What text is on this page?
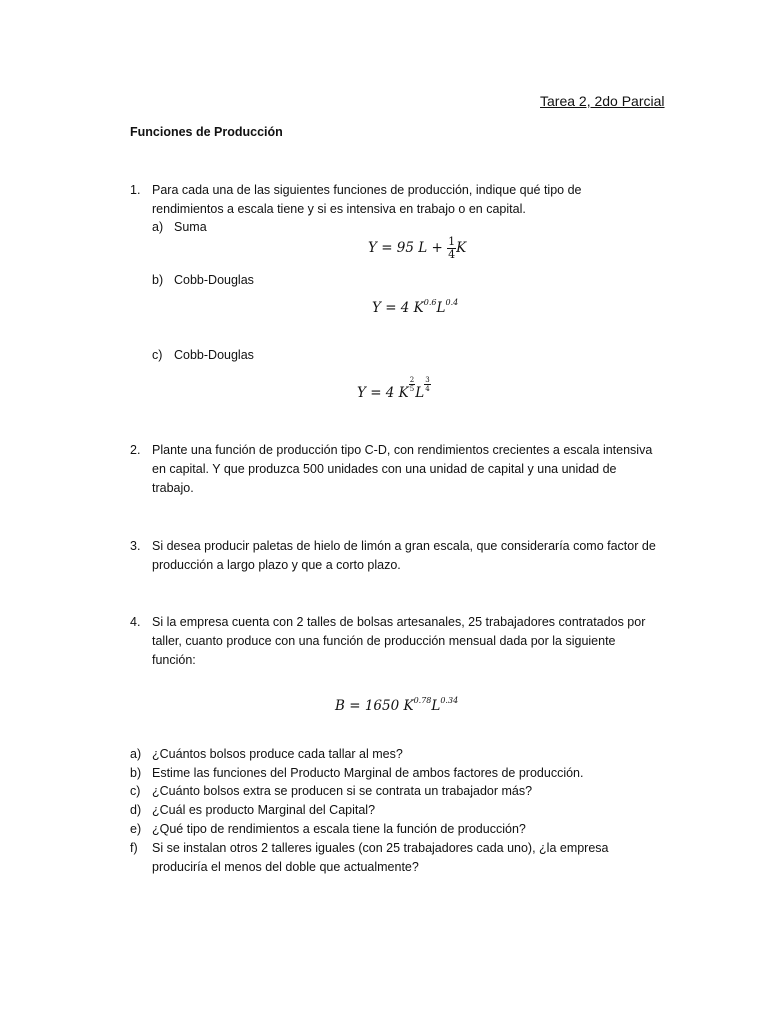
Tarea 2, 2do Parcial
Funciones de Producción
1. Para cada una de las siguientes funciones de producción, indique qué tipo de
rendimientos a escala tiene y si es intensiva en trabajo o en capital.
a) Suma
Y = 95 $L + \frac{1}{4}$ K
b) Cobb-Douglas
Y = 4 $K^{0.6}L^{0.4}$
c) Cobb-Douglas
Y = 4 K $\frac{2}{5}$ L $\frac{3}{4}$
2. Plante una función de producción tipo C-D, con rendimientos crecientes a escala intensiva
en capital. Y que produzca 500 unidades con una unidad de capital y una unidad de
trabajo.
3. Si desea producir paletas de hielo de limón a gran escala, que consideraría como factor de
producción a largo plazo y que a corto plazo.
4. Si la empresa cuenta con 2 talles de bolsas artesanales, 25 trabajadores contratados por
taller, cuanto produce con una función de producción mensual dada por la siguiente
función:
B = 1650 $K^{0.78}L^{0.34}$
a) ¿Cuántos bolsos produce cada tallar al mes?
b) Estime las funciones del Producto Marginal de ambos factores de producción.
c) ¿Cuánto bolsos extra se producen si se contrata un trabajador más?
d) ¿Cuál es producto Marginal del Capital?
e) ¿Qué tipo de rendimientos a escala tiene la función de producción?
f) Si se instalan otros 2 talleres iguales (con 25 trabajadores cada uno), ¿la empresa
produciría el menos del doble que actualmente?
